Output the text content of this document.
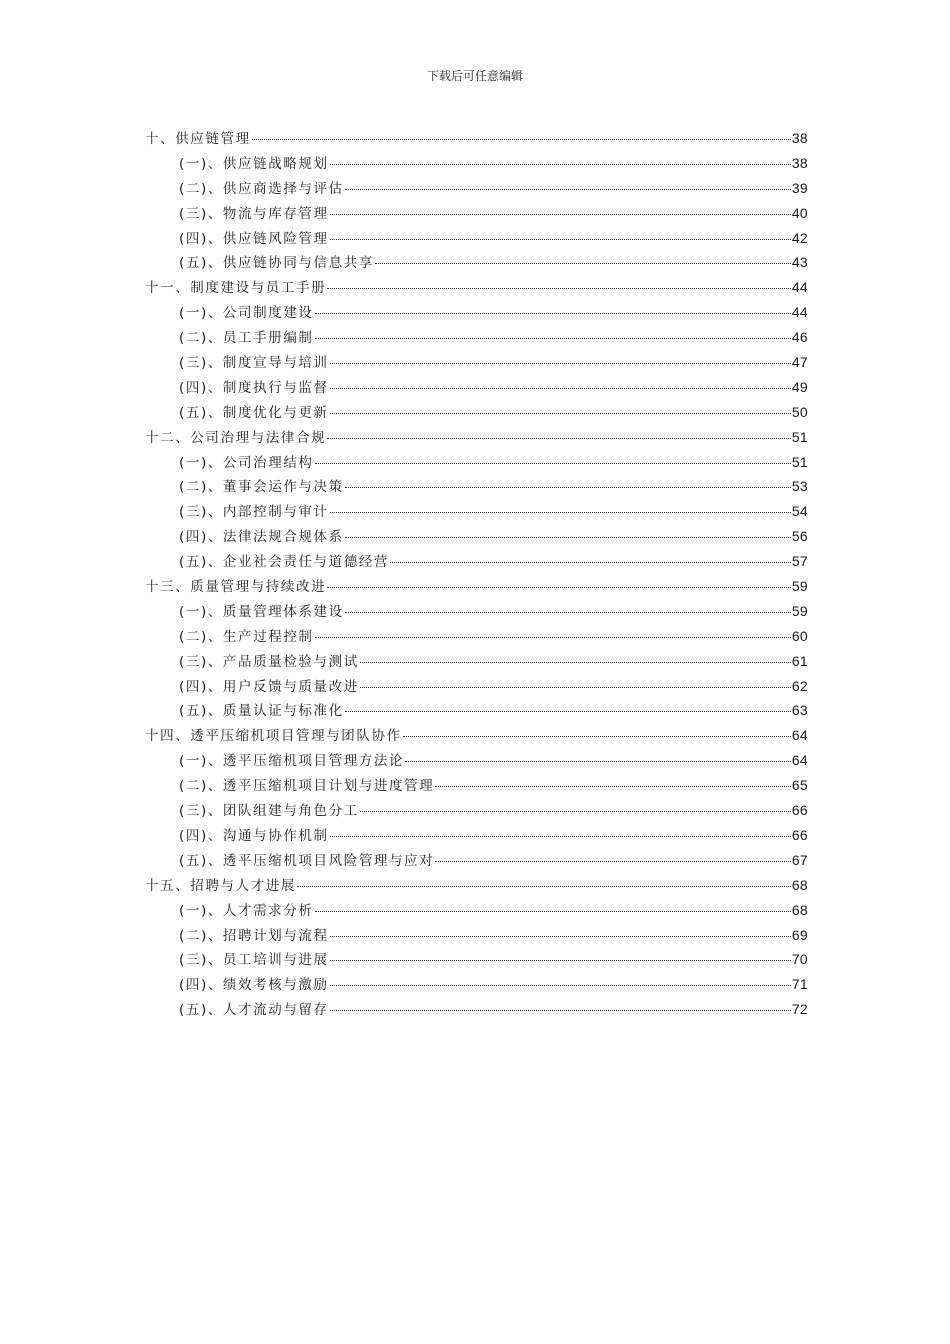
下载后可任意编辑
十、供应链管理	38
(一)、供应链战略规划	38
(二)、供应商选择与评估	39
(三)、物流与库存管理	40
(四)、供应链风险管理	42
(五)、供应链协同与信息共享	43
十一、制度建设与员工手册	44
(一)、公司制度建设	44
(二)、员工手册编制	46
(三)、制度宣导与培训	47
(四)、制度执行与监督	49
(五)、制度优化与更新	50
十二、公司治理与法律合规	51
(一)、公司治理结构	51
(二)、董事会运作与决策	53
(三)、内部控制与审计	54
(四)、法律法规合规体系	56
(五)、企业社会责任与道德经营	57
十三、质量管理与持续改进	59
(一)、质量管理体系建设	59
(二)、生产过程控制	60
(三)、产品质量检验与测试	61
(四)、用户反馈与质量改进	62
(五)、质量认证与标准化	63
十四、透平压缩机项目管理与团队协作	64
(一)、透平压缩机项目管理方法论	64
(二)、透平压缩机项目计划与进度管理	65
(三)、团队组建与角色分工	66
(四)、沟通与协作机制	66
(五)、透平压缩机项目风险管理与应对	67
十五、招聘与人才进展	68
(一)、人才需求分析	68
(二)、招聘计划与流程	69
(三)、员工培训与进展	70
(四)、绩效考核与激励	71
(五)、人才流动与留存	72
